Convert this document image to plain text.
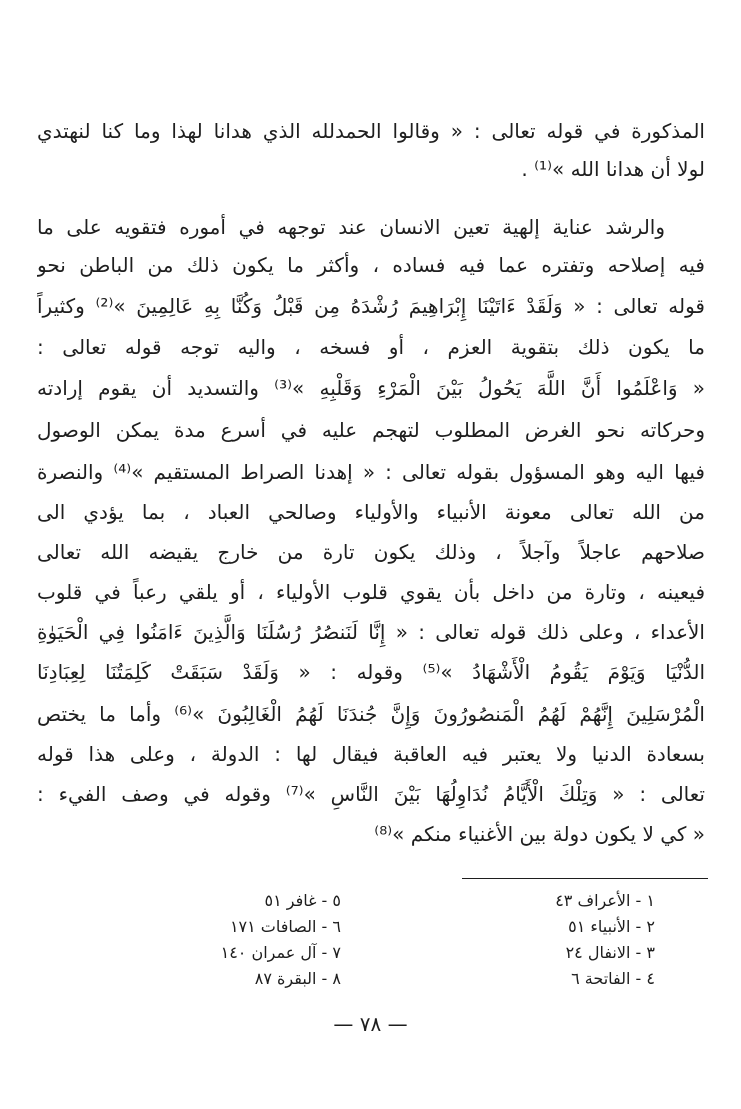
المذكورة في قوله تعالى : « وقالوا الحمدلله الذي هدانا لهذا وما كنا لنهتدي
لولا أن هدانا الله »⁽¹⁾ .
والرشد عناية إلهية تعين الانسان عند توجهه في أموره فتقويه على ما
فيه إصلاحه وتفتره عما فيه فساده ، وأكثر ما يكون ذلك من الباطن نحو
قوله تعالى : « وَلَقَدْ ءَاتَيْنَا إِبْرَاهِيمَ رُشْدَهُ مِن قَبْلُ وَكُنَّا بِهِ عَالِمِينَ »⁽²⁾ وكثيراً
ما يكون ذلك بتقوية العزم ، أو فسخه ، واليه توجه قوله تعالى :
« وَاعْلَمُوا أَنَّ اللَّهَ يَحُولُ بَيْنَ الْمَرْءِ وَقَلْبِهِ »⁽³⁾ والتسديد أن يقوم إرادته
وحركاته نحو الغرض المطلوب لتهجم عليه في أسرع مدة يمكن الوصول
فيها اليه وهو المسؤول بقوله تعالى : « إهدنا الصراط المستقيم »⁽⁴⁾ والنصرة
من الله تعالى معونة الأنبياء والأولياء وصالحي العباد ، بما يؤدي الى
صلاحهم عاجلاً وآجلاً ، وذلك يكون تارة من خارج يقيضه الله تعالى
فيعينه ، وتارة من داخل بأن يقوي قلوب الأولياء ، أو يلقي رعباً في قلوب
الأعداء ، وعلى ذلك قوله تعالى : « إِنَّا لَنَنصُرُ رُسُلَنَا وَالَّذِينَ ءَامَنُوا فِي الْحَيَوٰةِ
الدُّنْيَا وَيَوْمَ يَقُومُ الْأَشْهَادُ »⁽⁵⁾ وقوله : « وَلَقَدْ سَبَقَتْ كَلِمَتُنَا لِعِبَادِنَا
الْمُرْسَلِينَ إِنَّهُمْ لَهُمُ الْمَنصُورُونَ وَإِنَّ جُندَنَا لَهُمُ الْغَالِبُونَ »⁽⁶⁾ وأما ما يختص
بسعادة الدنيا ولا يعتبر فيه العاقبة فيقال لها : الدولة ، وعلى هذا قوله
تعالى : « وَتِلْكَ الْأَيَّامُ نُدَاوِلُهَا بَيْنَ النَّاسِ »⁽⁷⁾ وقوله في وصف الفيء :
« كي لا يكون دولة بين الأغنياء منكم »⁽⁸⁾
١ - الأعراف ٤٣
٢ - الأنبياء ٥١
٣ - الانفال ٢٤
٤ - الفاتحة ٦
٥ - غافر ٥١
٦ - الصافات ١٧١
٧ - آل عمران ١٤٠
٨ - البقرة ٨٧
— ٧٨ —
